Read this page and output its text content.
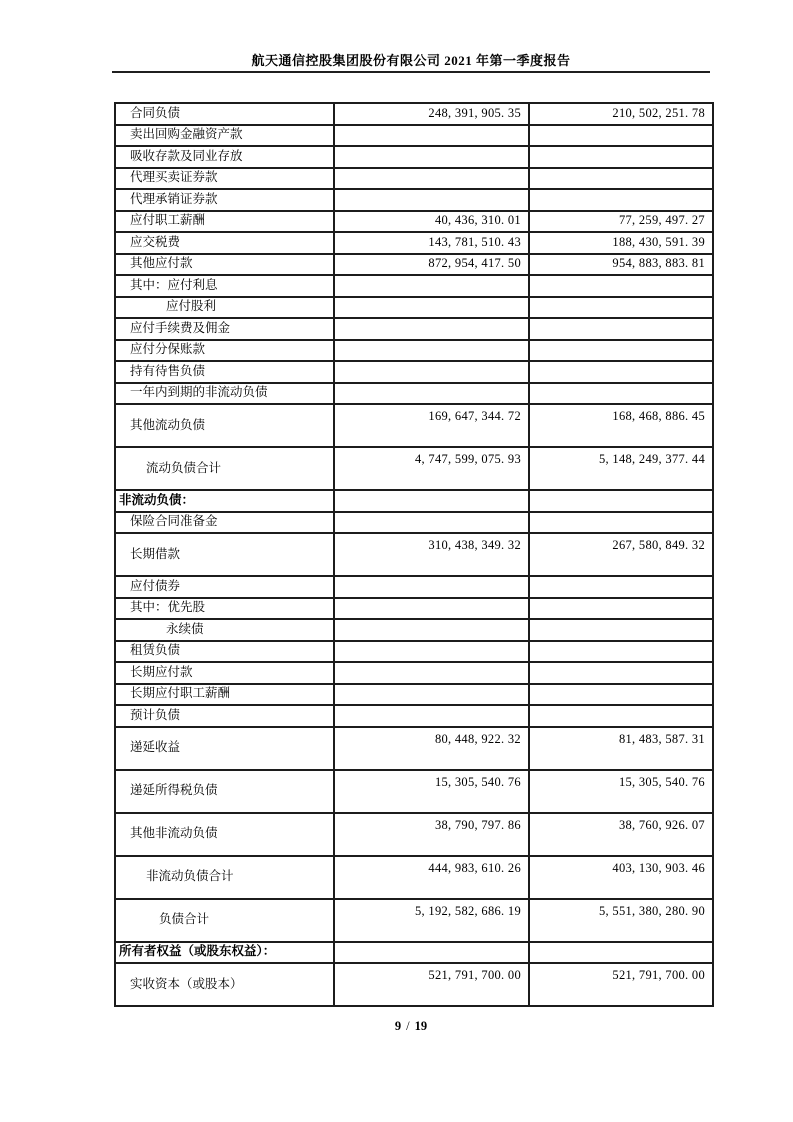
航天通信控股集团股份有限公司 2021 年第一季度报告
合同负债	248, 391, 905. 35	210, 502, 251. 78
卖出回购金融资产款		
吸收存款及同业存放		
代理买卖证券款		
代理承销证券款		
应付职工薪酬	40, 436, 310. 01	77, 259, 497. 27
应交税费	143, 781, 510. 43	188, 430, 591. 39
其他应付款	872, 954, 417. 50	954, 883, 883. 81
其中：应付利息		
应付股利		
应付手续费及佣金		
应付分保账款		
持有待售负债		
一年内到期的非流动负债		
其他流动负债	169, 647, 344. 72	168, 468, 886. 45
流动负债合计	4, 747, 599, 075. 93	5, 148, 249, 377. 44
非流动负债：		
保险合同准备金		
长期借款	310, 438, 349. 32	267, 580, 849. 32
应付债券		
其中：优先股		
永续债		
租赁负债		
长期应付款		
长期应付职工薪酬		
预计负债		
递延收益	80, 448, 922. 32	81, 483, 587. 31
递延所得税负债	15, 305, 540. 76	15, 305, 540. 76
其他非流动负债	38, 790, 797. 86	38, 760, 926. 07
非流动负债合计	444, 983, 610. 26	403, 130, 903. 46
负债合计	5, 192, 582, 686. 19	5, 551, 380, 280. 90
所有者权益（或股东权益）：		
实收资本（或股本）	521, 791, 700. 00	521, 791, 700. 00
9 / 19
